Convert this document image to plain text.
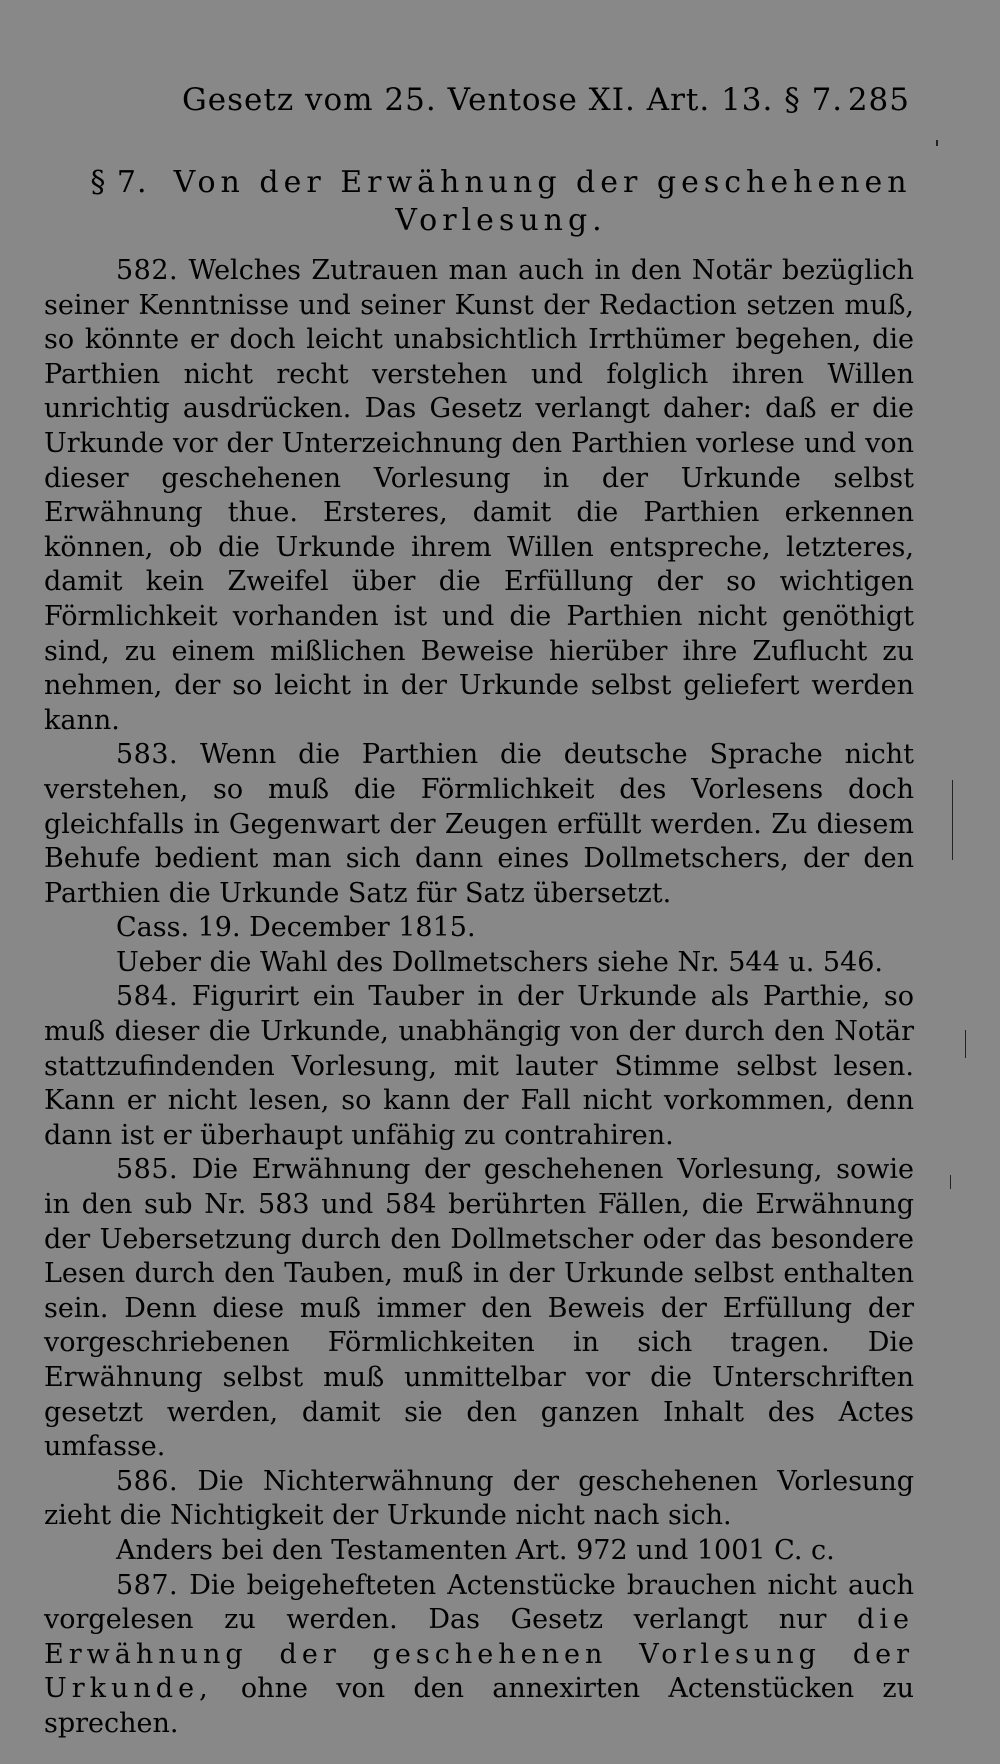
Gesetz vom 25. Ventose XI. Art. 13. § 7. 285
§ 7. Von der Erwähnung der geschehenen Vorlesung.

582. Welches Zutrauen man auch in den Notär bezüglich seiner Kenntnisse und seiner Kunst der Redaction setzen muß, so könnte er doch leicht unabsichtlich Irrthümer begehen, die Parthien nicht recht verstehen und folglich ihren Willen unrichtig ausdrücken. Das Gesetz verlangt daher: daß er die Urkunde vor der Unterzeichnung den Parthien vorlese und von dieser geschehenen Vorlesung in der Urkunde selbst Erwähnung thue. Ersteres, damit die Parthien erkennen können, ob die Urkunde ihrem Willen entspreche, letzteres, damit kein Zweifel über die Erfüllung der so wichtigen Förmlichkeit vorhanden ist und die Parthien nicht genöthigt sind, zu einem mißlichen Beweise hierüber ihre Zuflucht zu nehmen, der so leicht in der Urkunde selbst geliefert werden kann.

583. Wenn die Parthien die deutsche Sprache nicht verstehen, so muß die Förmlichkeit des Vorlesens doch gleichfalls in Gegenwart der Zeugen erfüllt werden. Zu diesem Behufe bedient man sich dann eines Dollmetschers, der den Parthien die Urkunde Satz für Satz übersetzt.

Cass. 19. December 1815.

Ueber die Wahl des Dollmetschers siehe Nr. 544 u. 546.

584. Figurirt ein Tauber in der Urkunde als Parthie, so muß dieser die Urkunde, unabhängig von der durch den Notär stattzufindenden Vorlesung, mit lauter Stimme selbst lesen. Kann er nicht lesen, so kann der Fall nicht vorkommen, denn dann ist er überhaupt unfähig zu contrahiren.

585. Die Erwähnung der geschehenen Vorlesung, sowie in den sub Nr. 583 und 584 berührten Fällen, die Erwähnung der Uebersetzung durch den Dollmetscher oder das besondere Lesen durch den Tauben, muß in der Urkunde selbst enthalten sein. Denn diese muß immer den Beweis der Erfüllung der vorgeschriebenen Förmlichkeiten in sich tragen. Die Erwähnung selbst muß unmittelbar vor die Unterschriften gesetzt werden, damit sie den ganzen Inhalt des Actes umfasse.

586. Die Nichterwähnung der geschehenen Vorlesung zieht die Nichtigkeit der Urkunde nicht nach sich.

Anders bei den Testamenten Art. 972 und 1001 C. c.

587. Die beigehefteten Actenstücke brauchen nicht auch vorgelesen zu werden. Das Gesetz verlangt nur die Erwähnung der geschehenen Vorlesung der Urkunde, ohne von den annexirten Actenstücken zu sprechen.
